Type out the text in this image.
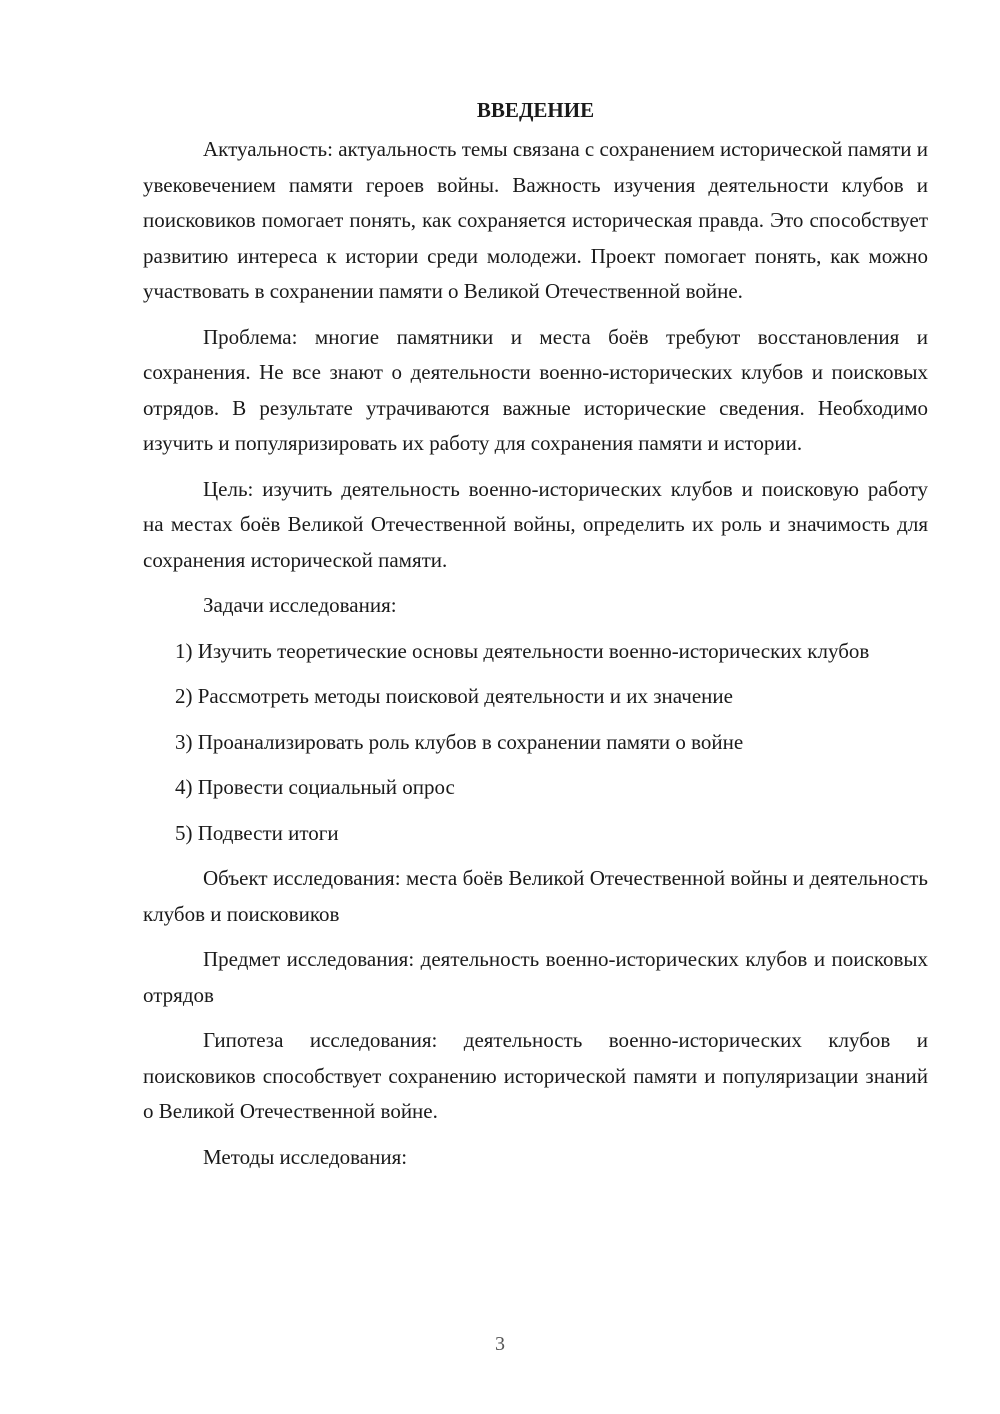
ВВЕДЕНИЕ

Актуальность: актуальность темы связана с сохранением исторической памяти и увековечением памяти героев войны. Важность изучения деятельности клубов и поисковиков помогает понять, как сохраняется историческая правда. Это способствует развитию интереса к истории среди молодежи. Проект помогает понять, как можно участвовать в сохранении памяти о Великой Отечественной войне.

Проблема: многие памятники и места боёв требуют восстановления и сохранения. Не все знают о деятельности военно-исторических клубов и поисковых отрядов. В результате утрачиваются важные исторические сведения. Необходимо изучить и популяризировать их работу для сохранения памяти и истории.

Цель: изучить деятельность военно-исторических клубов и поисковую работу на местах боёв Великой Отечественной войны, определить их роль и значимость для сохранения исторической памяти.

Задачи исследования:

1) Изучить теоретические основы деятельности военно-исторических клубов

2) Рассмотреть методы поисковой деятельности и их значение

3) Проанализировать роль клубов в сохранении памяти о войне

4) Провести социальный опрос

5) Подвести итоги

Объект исследования: места боёв Великой Отечественной войны и деятельность клубов и поисковиков

Предмет исследования: деятельность военно-исторических клубов и поисковых отрядов

Гипотеза исследования: деятельность военно-исторических клубов и поисковиков способствует сохранению исторической памяти и популяризации знаний о Великой Отечественной войне.

Методы исследования:

3
